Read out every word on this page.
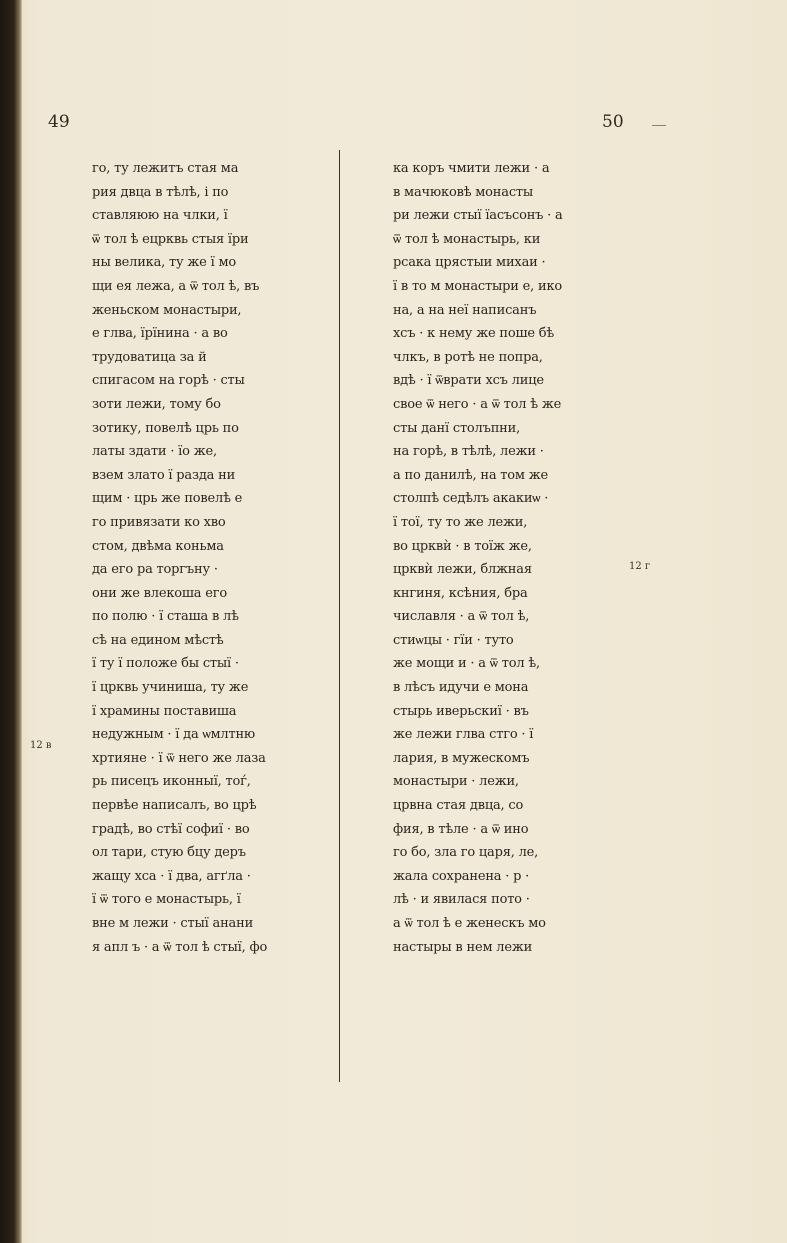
49	50
го, ту лежитъ стая ма
рия двца в тѣлѣ, і по
ставляюю на члки, ї
ѿ тол ѣ ецрквь стыя ïри
ны велика, ту же ї мо
щи ея лежа, а ѿ тол ѣ, въ
женьском монастыри,
е глва, ïрïнина · а во
трудоватица за й
спигасом на горѣ · сты
зоти лежи, тому бо
зотику, повелѣ црь по
латы здати · їо же,
взем злато ї разда ни
щим · црь же повелѣ е
го привязати ко хво
стом, двѣма коньма
да его ра торгъну ·
они же влекоша его
по полю · ї сташа в лѣ
сѣ на едином мѣстѣ
ї ту ї положе бы стыї ·
ї црквь учиниша, ту же
ї храмины поставиша
недужным · ї да ѡмлтню
хртияне · ї ѿ него же лаза
рь писецъ иконныї, тоѓ,
первѣе написалъ, во црѣ
градѣ, во стѣї софиї · во
ол тари, стую бцу деръ
жащу хса · ї два, агґла ·
ї ѿ того е монастырь, ї
вне м лежи · стыї анани
я апл ъ · а ѿ тол ѣ стыї, фо
ка коръ чмити лежи · а
в мачюковѣ монасты
ри лежи стыї ïасъсонъ · а
ѿ тол ѣ монастырь, ки
рсака црястыи михаи ·
ї в то м монастыри е, ико
на, а на неї написанъ
хсъ · к нему же поше бѣ
члкъ, в ротѣ не попра,
вдѣ · ї ѿврати хсъ лице
свое ѿ него · а ѿ тол ѣ же
сты данї столъпни,
на горѣ, в тѣлѣ, лежи ·
а по данилѣ, на том же
столпѣ седѣлъ акакиѡ ·
ї тоï, ту то же лежи,
во црквѝ · в тоїж же,
црквѝ лежи, блжная
кнгиня, ксѣния, бра
числавля · а ѿ тол ѣ,
стиѡцы · гїи · туто
же мощи и · а ѿ тол ѣ,
в лѣсъ идучи е мона
стырь иверьскиї · въ
же лежи глва стго · ї
лария, в мужескомъ
монастыри · лежи,
црвна стая двца, со
фия, в тѣле · а ѿ ино
го бо, зла го царя, ле,
жала сохранена · р ·
лѣ · и явилася пото ·
а ѿ тол ѣ е женескъ мо
настыры в нем лежи
12 в
12 г
